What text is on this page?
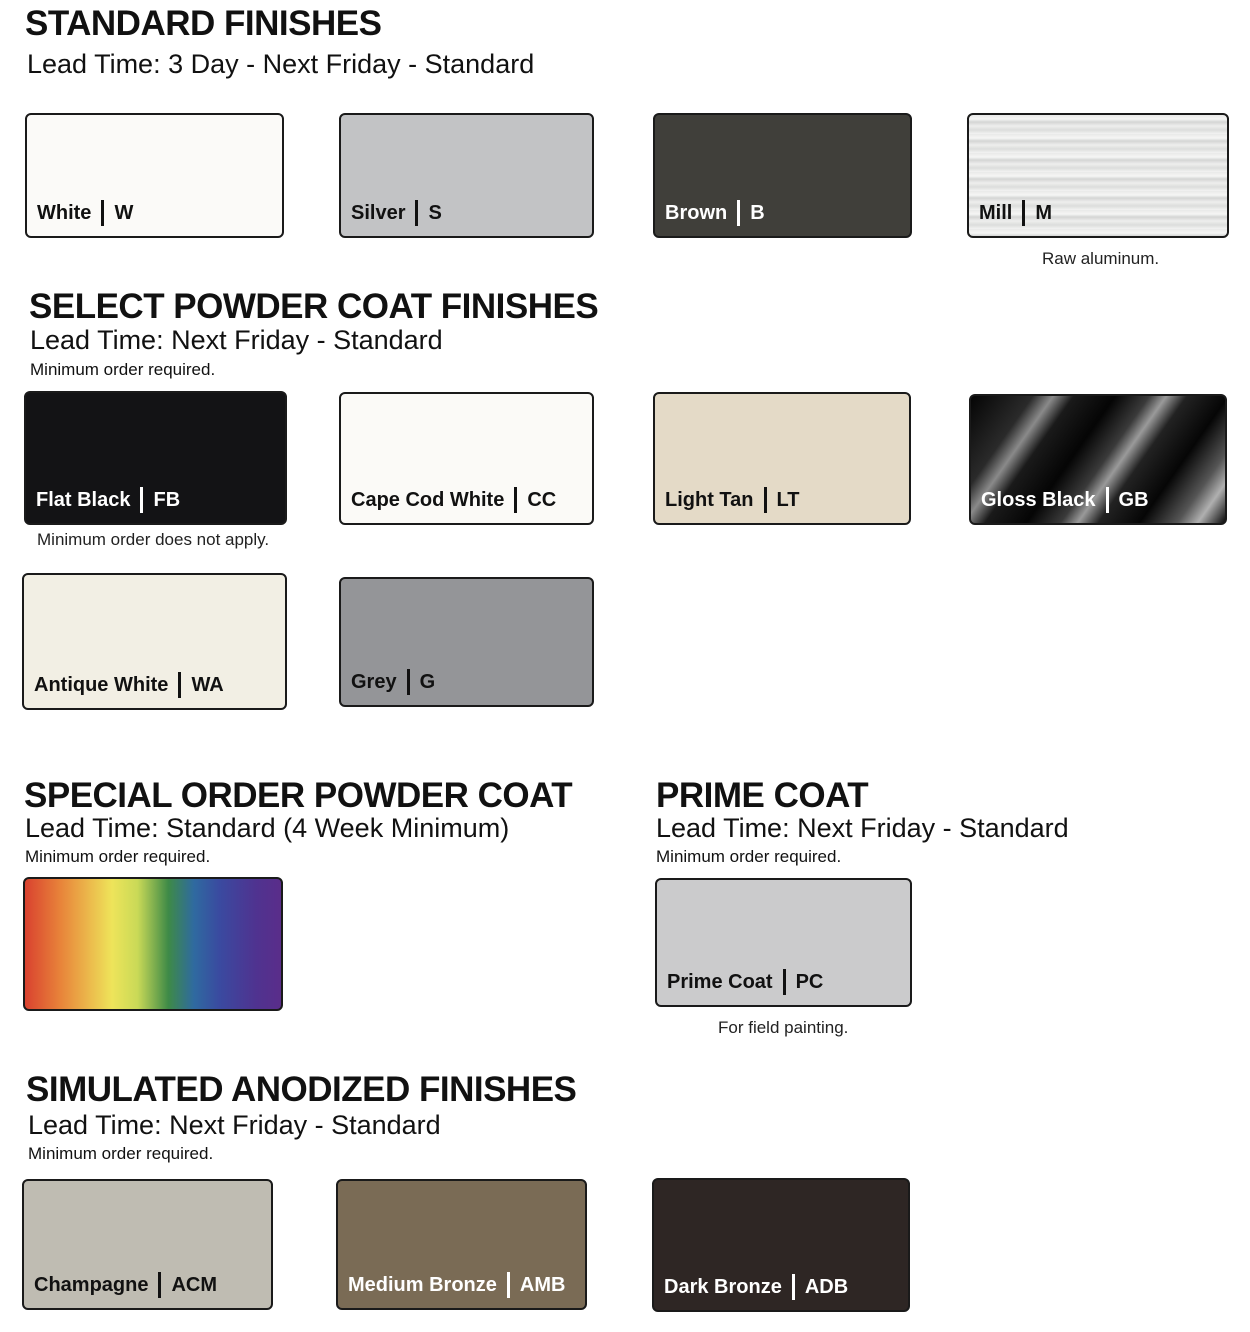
STANDARD FINISHES
Lead Time: 3 Day - Next Friday - Standard
White W	Silver S	Brown B	Mill M
Raw aluminum.
SELECT POWDER COAT FINISHES
Lead Time: Next Friday - Standard
Minimum order required.
Flat Black FB
Minimum order does not apply.
Cape Cod White CC	Light Tan LT	Gloss Black GB
Antique White WA	Grey G
SPECIAL ORDER POWDER COAT
Lead Time: Standard (4 Week Minimum)
Minimum order required.
PRIME COAT
Lead Time: Next Friday - Standard
Minimum order required.
Prime Coat PC
For field painting.
SIMULATED ANODIZED FINISHES
Lead Time: Next Friday - Standard
Minimum order required.
Champagne ACM	Medium Bronze AMB	Dark Bronze ADB
